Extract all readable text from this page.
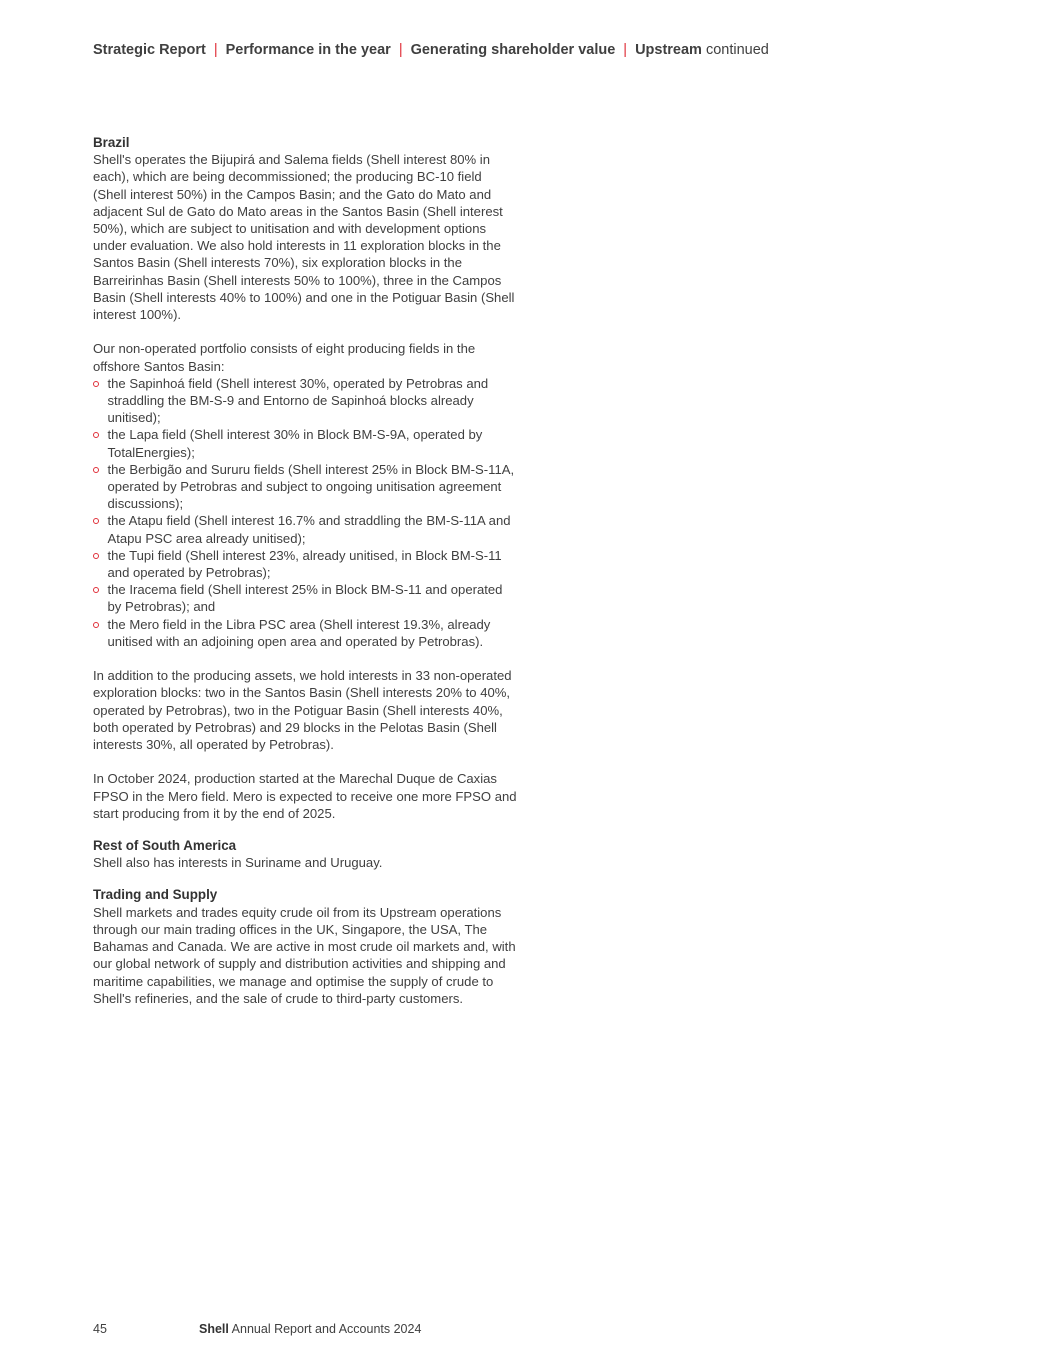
Strategic Report | Performance in the year | Generating shareholder value | Upstream continued
Brazil

Shell's operates the Bijupirá and Salema fields (Shell interest 80% in each), which are being decommissioned; the producing BC-10 field (Shell interest 50%) in the Campos Basin; and the Gato do Mato and adjacent Sul de Gato do Mato areas in the Santos Basin (Shell interest 50%), which are subject to unitisation and with development options under evaluation. We also hold interests in 11 exploration blocks in the Santos Basin (Shell interests 70%), six exploration blocks in the Barreirinhas Basin (Shell interests 50% to 100%), three in the Campos Basin (Shell interests 40% to 100%) and one in the Potiguar Basin (Shell interest 100%).

Our non-operated portfolio consists of eight producing fields in the offshore Santos Basin:

the Sapinhoá field (Shell interest 30%, operated by Petrobras and straddling the BM-S-9 and Entorno de Sapinhoá blocks already unitised);
the Lapa field (Shell interest 30% in Block BM-S-9A, operated by TotalEnergies);
the Berbigão and Sururu fields (Shell interest 25% in Block BM-S-11A, operated by Petrobras and subject to ongoing unitisation agreement discussions);
the Atapu field (Shell interest 16.7% and straddling the BM-S-11A and Atapu PSC area already unitised);
the Tupi field (Shell interest 23%, already unitised, in Block BM-S-11 and operated by Petrobras);
the Iracema field (Shell interest 25% in Block BM-S-11 and operated by Petrobras); and
the Mero field in the Libra PSC area (Shell interest 19.3%, already unitised with an adjoining open area and operated by Petrobras).

In addition to the producing assets, we hold interests in 33 non-operated exploration blocks: two in the Santos Basin (Shell interests 20% to 40%, operated by Petrobras), two in the Potiguar Basin (Shell interests 40%, both operated by Petrobras) and 29 blocks in the Pelotas Basin (Shell interests 30%, all operated by Petrobras).

In October 2024, production started at the Marechal Duque de Caxias FPSO in the Mero field. Mero is expected to receive one more FPSO and start producing from it by the end of 2025.

Rest of South America

Shell also has interests in Suriname and Uruguay.

Trading and Supply

Shell markets and trades equity crude oil from its Upstream operations through our main trading offices in the UK, Singapore, the USA, The Bahamas and Canada. We are active in most crude oil markets and, with our global network of supply and distribution activities and shipping and maritime capabilities, we manage and optimise the supply of crude to Shell's refineries, and the sale of crude to third-party customers.

45	Shell Annual Report and Accounts 2024
